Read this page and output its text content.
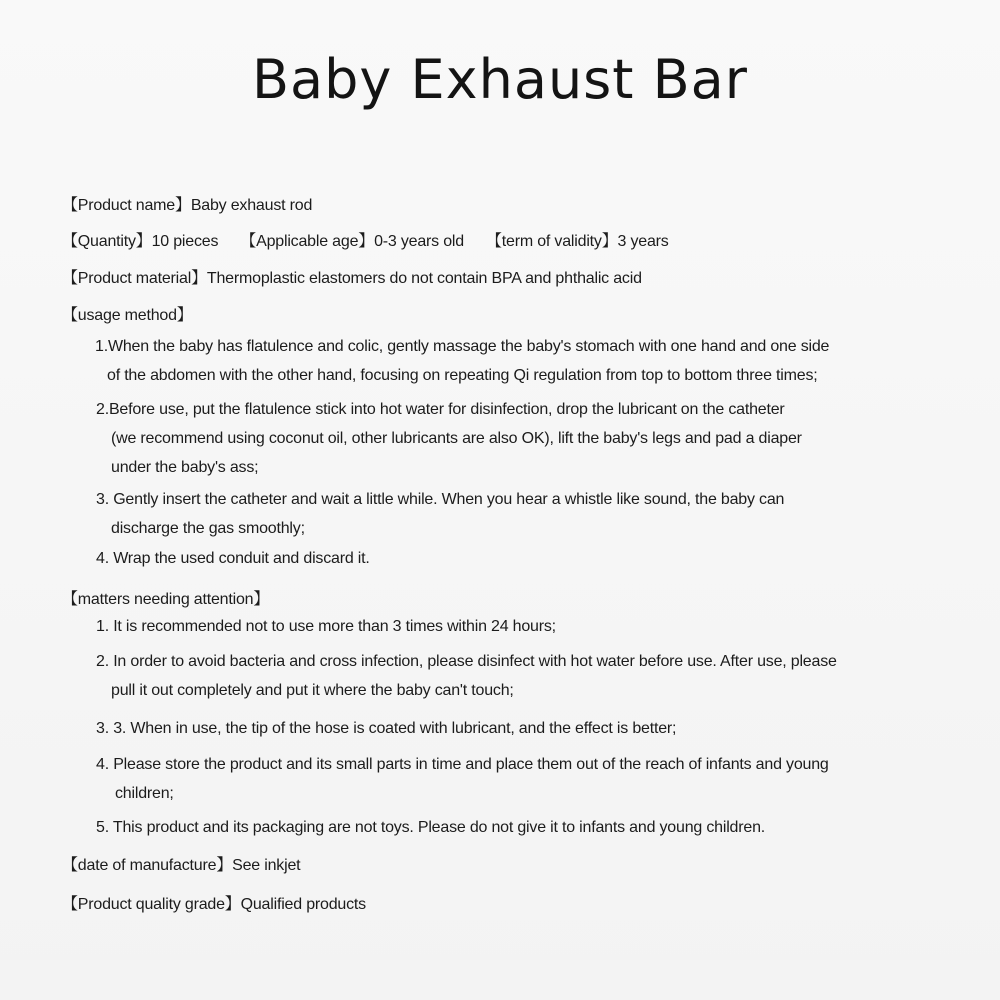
Baby Exhaust Bar
【Product name】Baby exhaust rod
【Quantity】10 pieces 【Applicable age】0-3 years old 【term of validity】3 years
【Product material】Thermoplastic elastomers do not contain BPA and phthalic acid
【usage method】
1.When the baby has flatulence and colic, gently massage the baby's stomach with one hand and one side
of the abdomen with the other hand, focusing on repeating Qi regulation from top to bottom three times;
2.Before use, put the flatulence stick into hot water for disinfection, drop the lubricant on the catheter
(we recommend using coconut oil, other lubricants are also OK), lift the baby's legs and pad a diaper
under the baby's ass;
3. Gently insert the catheter and wait a little while. When you hear a whistle like sound, the baby can
discharge the gas smoothly;
4. Wrap the used conduit and discard it.
【matters needing attention】
1. It is recommended not to use more than 3 times within 24 hours;
2. In order to avoid bacteria and cross infection, please disinfect with hot water before use. After use, please
pull it out completely and put it where the baby can't touch;
3. 3. When in use, the tip of the hose is coated with lubricant, and the effect is better;
4. Please store the product and its small parts in time and place them out of the reach of infants and young
children;
5. This product and its packaging are not toys. Please do not give it to infants and young children.
【date of manufacture】See inkjet
【Product quality grade】Qualified products
